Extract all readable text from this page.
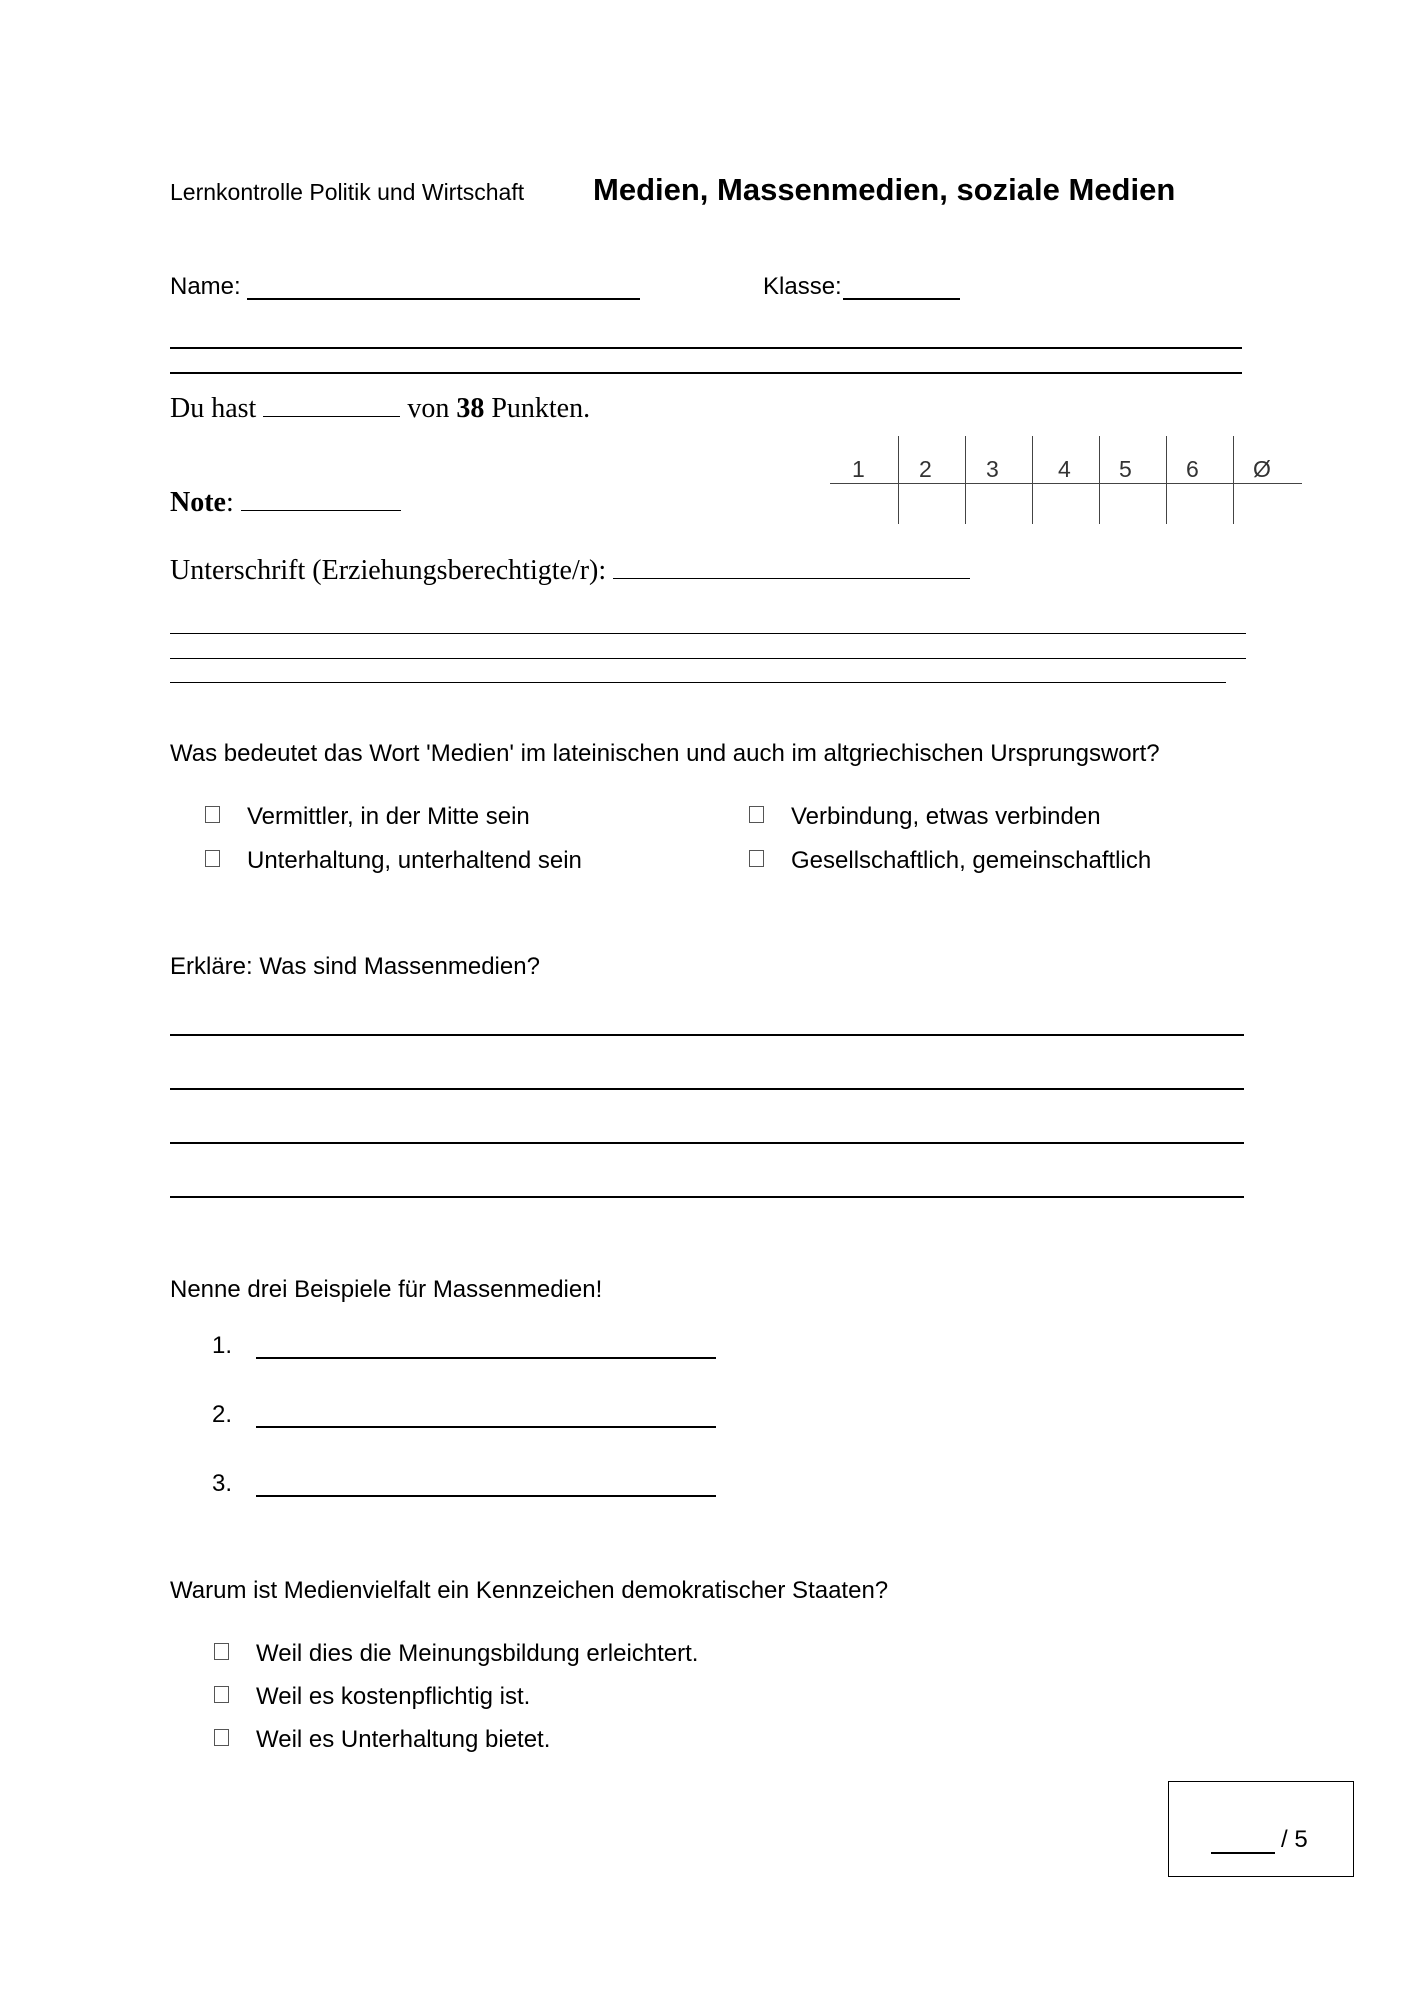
Lernkontrolle Politik und Wirtschaft Medien, Massenmedien, soziale Medien
Name:	Klasse:
Du hast	von 38 Punkten.
Note:
1 2 3	4 5 6 Ø
Unterschrift (Erziehungsberechtigte/r):
Was bedeutet das Wort 'Medien' im lateinischen und auch im altgriechischen Ursprungswort?
Vermittler, in der Mitte sein	Verbindung, etwas verbinden
Unterhaltung, unterhaltend sein	Gesellschaftlich, gemeinschaftlich
Erkläre: Was sind Massenmedien?
Nenne drei Beispiele für Massenmedien!
1.
2.
3.
Warum ist Medienvielfalt ein Kennzeichen demokratischer Staaten?
Weil dies die Meinungsbildung erleichtert.
Weil es kostenpflichtig ist.
Weil es Unterhaltung bietet.
/ 5
